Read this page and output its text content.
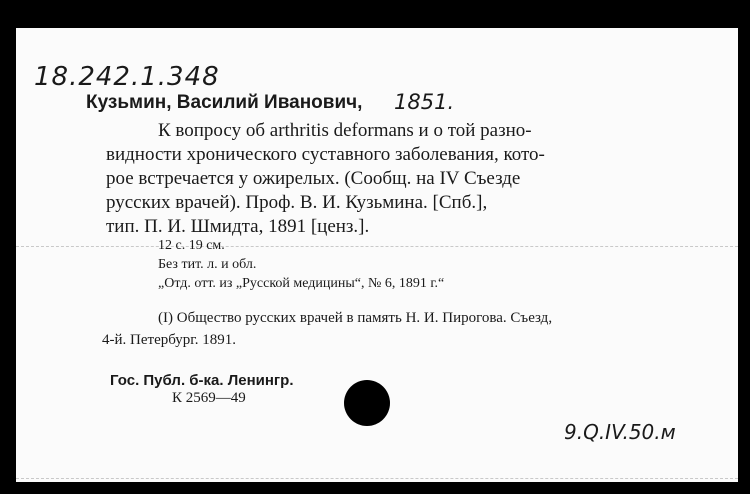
18.242.1.348
Кузьмин, Василий Иванович, 1851.
К вопросу об arthritis deformans и о той разно-
видности хронического суставного заболевания, кото-
рое встречается у ожирелых. (Сообщ. на IV Съезде
русских врачей). Проф. В. И. Кузьмина. [Спб.],
тип. П. И. Шмидта, 1891 [ценз.].
12 с. 19 см.
Без тит. л. и обл.
„Отд. отт. из „Русской медицины“, № 6, 1891 г.“
(I) Общество русских врачей в память Н. И. Пирогова. Съезд,
4-й. Петербург. 1891.
Гос. Публ. б-ка. Ленингр.
К 2569—49
9.Q.IV.50.м
